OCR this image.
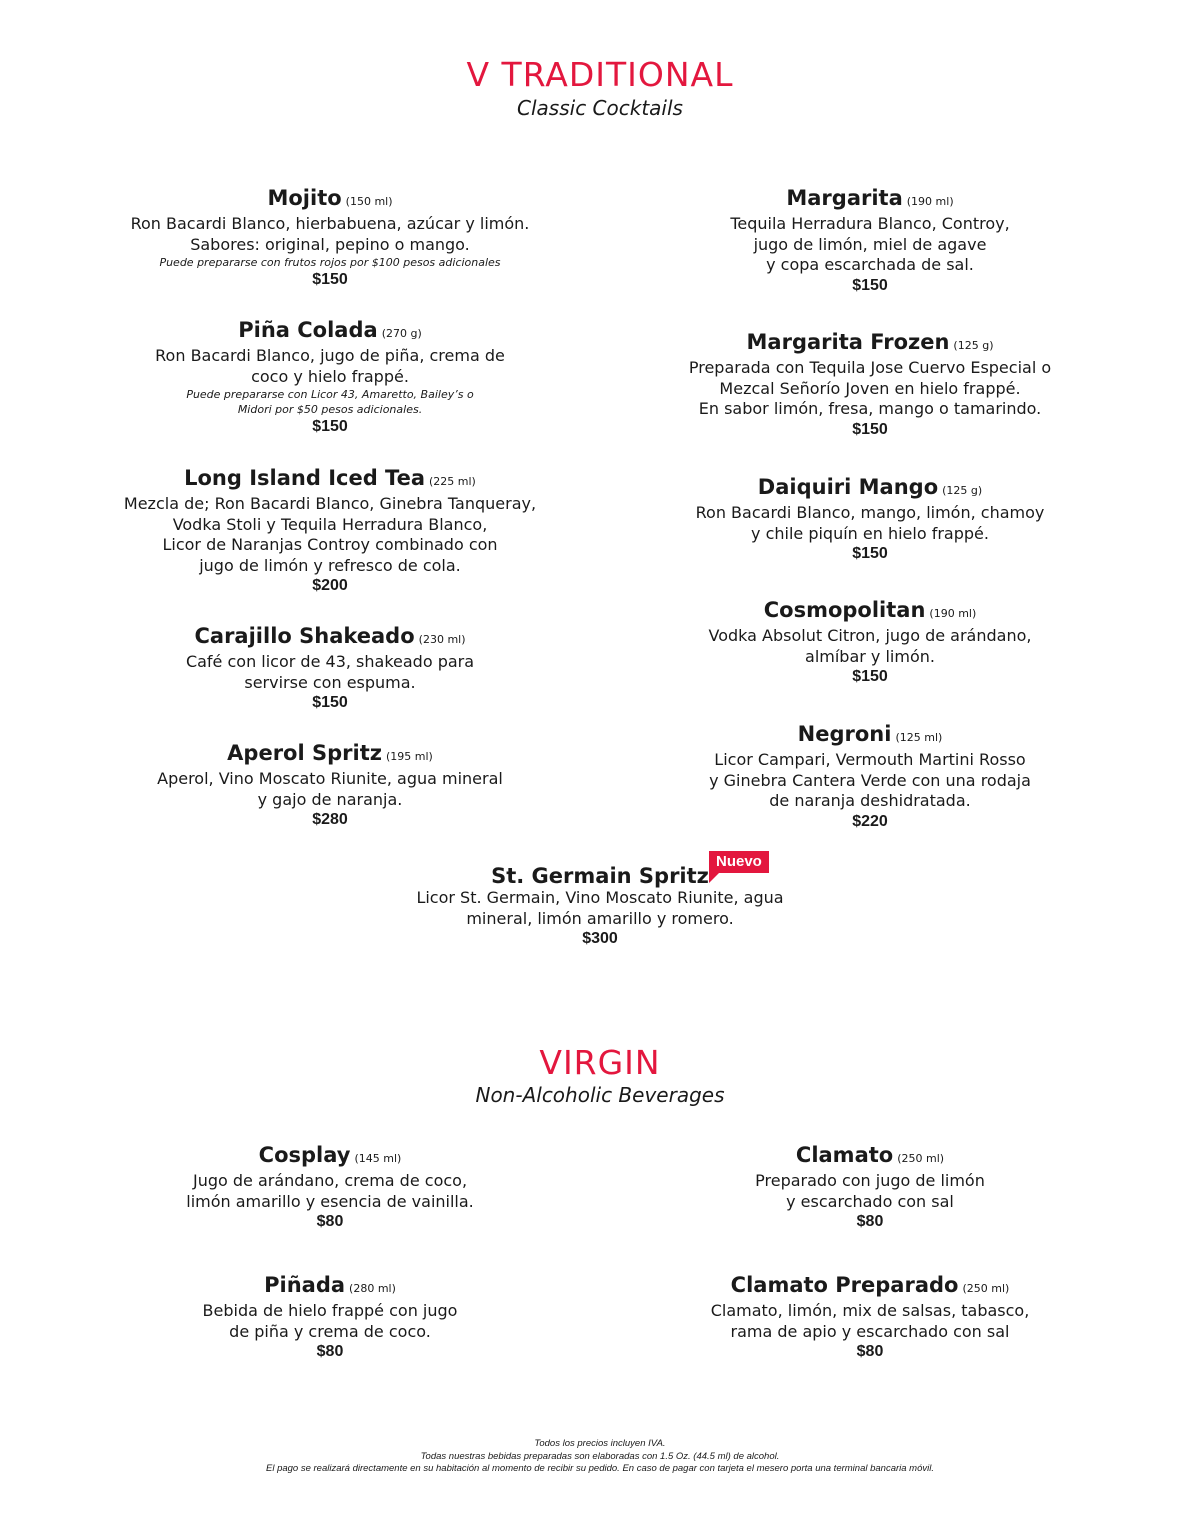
V TRADITIONAL
Classic Cocktails
Mojito (150 ml)
Ron Bacardi Blanco, hierbabuena, azúcar y limón.
Sabores: original, pepino o mango.
Puede prepararse con frutos rojos por $100 pesos adicionales
$150
Margarita (190 ml)
Tequila Herradura Blanco, Controy,
jugo de limón, miel de agave
y copa escarchada de sal.
$150
Piña Colada (270 g)
Ron Bacardi Blanco, jugo de piña, crema de
coco y hielo frappé.
Puede prepararse con Licor 43, Amaretto, Bailey’s o
Midori por $50 pesos adicionales.
$150
Margarita Frozen (125 g)
Preparada con Tequila Jose Cuervo Especial o
Mezcal Señorío Joven en hielo frappé.
En sabor limón, fresa, mango o tamarindo.
$150
Long Island Iced Tea (225 ml)
Mezcla de; Ron Bacardi Blanco, Ginebra Tanqueray,
Vodka Stoli y Tequila Herradura Blanco,
Licor de Naranjas Controy combinado con
jugo de limón y refresco de cola.
$200
Daiquiri Mango (125 g)
Ron Bacardi Blanco, mango, limón, chamoy
y chile piquín en hielo frappé.
$150
Carajillo Shakeado (230 ml)
Café con licor de 43, shakeado para
servirse con espuma.
$150
Cosmopolitan (190 ml)
Vodka Absolut Citron, jugo de arándano,
almíbar y limón.
$150
Aperol Spritz (195 ml)
Aperol, Vino Moscato Riunite, agua mineral
y gajo de naranja.
$280
Negroni (125 ml)
Licor Campari, Vermouth Martini Rosso
y Ginebra Cantera Verde con una rodaja
de naranja deshidratada.
$220
St. Germain Spritz
Licor St. Germain, Vino Moscato Riunite, agua
mineral, limón amarillo y romero.
$300
Nuevo
VIRGIN
Non-Alcoholic Beverages
Cosplay (145 ml)
Jugo de arándano, crema de coco,
limón amarillo y esencia de vainilla.
$80
Clamato (250 ml)
Preparado con jugo de limón
y escarchado con sal
$80
Piñada (280 ml)
Bebida de hielo frappé con jugo
de piña y crema de coco.
$80
Clamato Preparado (250 ml)
Clamato, limón, mix de salsas, tabasco,
rama de apio y escarchado con sal
$80
Todos los precios incluyen IVA.
Todas nuestras bebidas preparadas son elaboradas con 1.5 Oz. (44.5 ml) de alcohol.
El pago se realizará directamente en su habitación al momento de recibir su pedido. En caso de pagar con tarjeta el mesero porta una terminal bancaria móvil.
